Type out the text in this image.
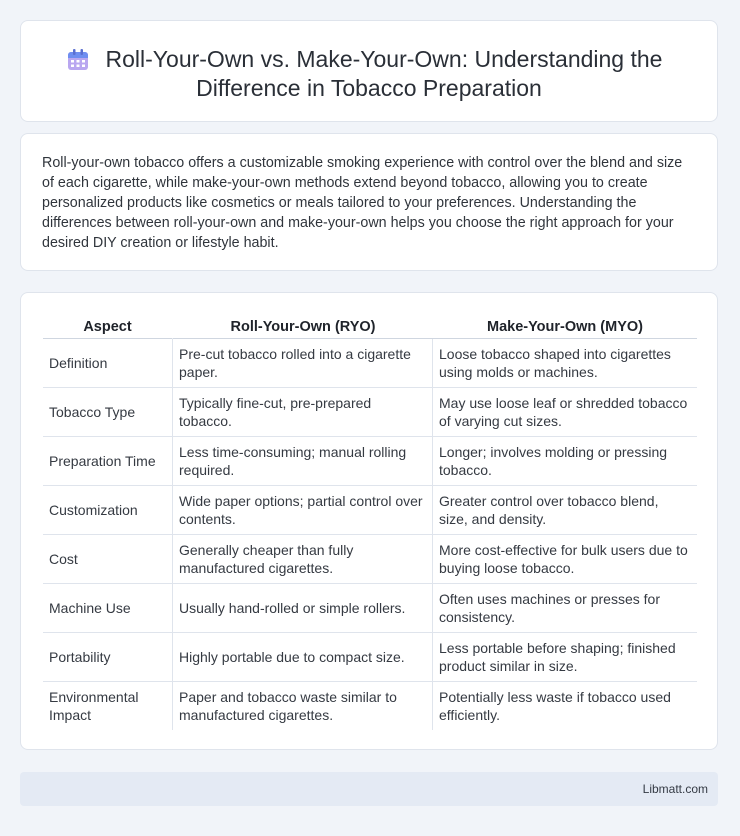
Roll-Your-Own vs. Make-Your-Own: Understanding the
Difference in Tobacco Preparation

Roll-your-own tobacco offers a customizable smoking experience with control over the blend and size of each cigarette, while make-your-own methods extend beyond tobacco, allowing you to create personalized products like cosmetics or meals tailored to your preferences. Understanding the differences between roll-your-own and make-your-own helps you choose the right approach for your desired DIY creation or lifestyle habit.

Aspect	Roll-Your-Own (RYO)	Make-Your-Own (MYO)
Definition	Pre-cut tobacco rolled into a cigarette paper.	Loose tobacco shaped into cigarettes using molds or machines.
Tobacco Type	Typically fine-cut, pre-prepared tobacco.	May use loose leaf or shredded tobacco of varying cut sizes.
Preparation Time	Less time-consuming; manual rolling required.	Longer; involves molding or pressing tobacco.
Customization	Wide paper options; partial control over contents.	Greater control over tobacco blend, size, and density.
Cost	Generally cheaper than fully manufactured cigarettes.	More cost-effective for bulk users due to buying loose tobacco.
Machine Use	Usually hand-rolled or simple rollers.	Often uses machines or presses for consistency.
Portability	Highly portable due to compact size.	Less portable before shaping; finished product similar in size.
Environmental Impact	Paper and tobacco waste similar to manufactured cigarettes.	Potentially less waste if tobacco used efficiently.
Libmatt.com
